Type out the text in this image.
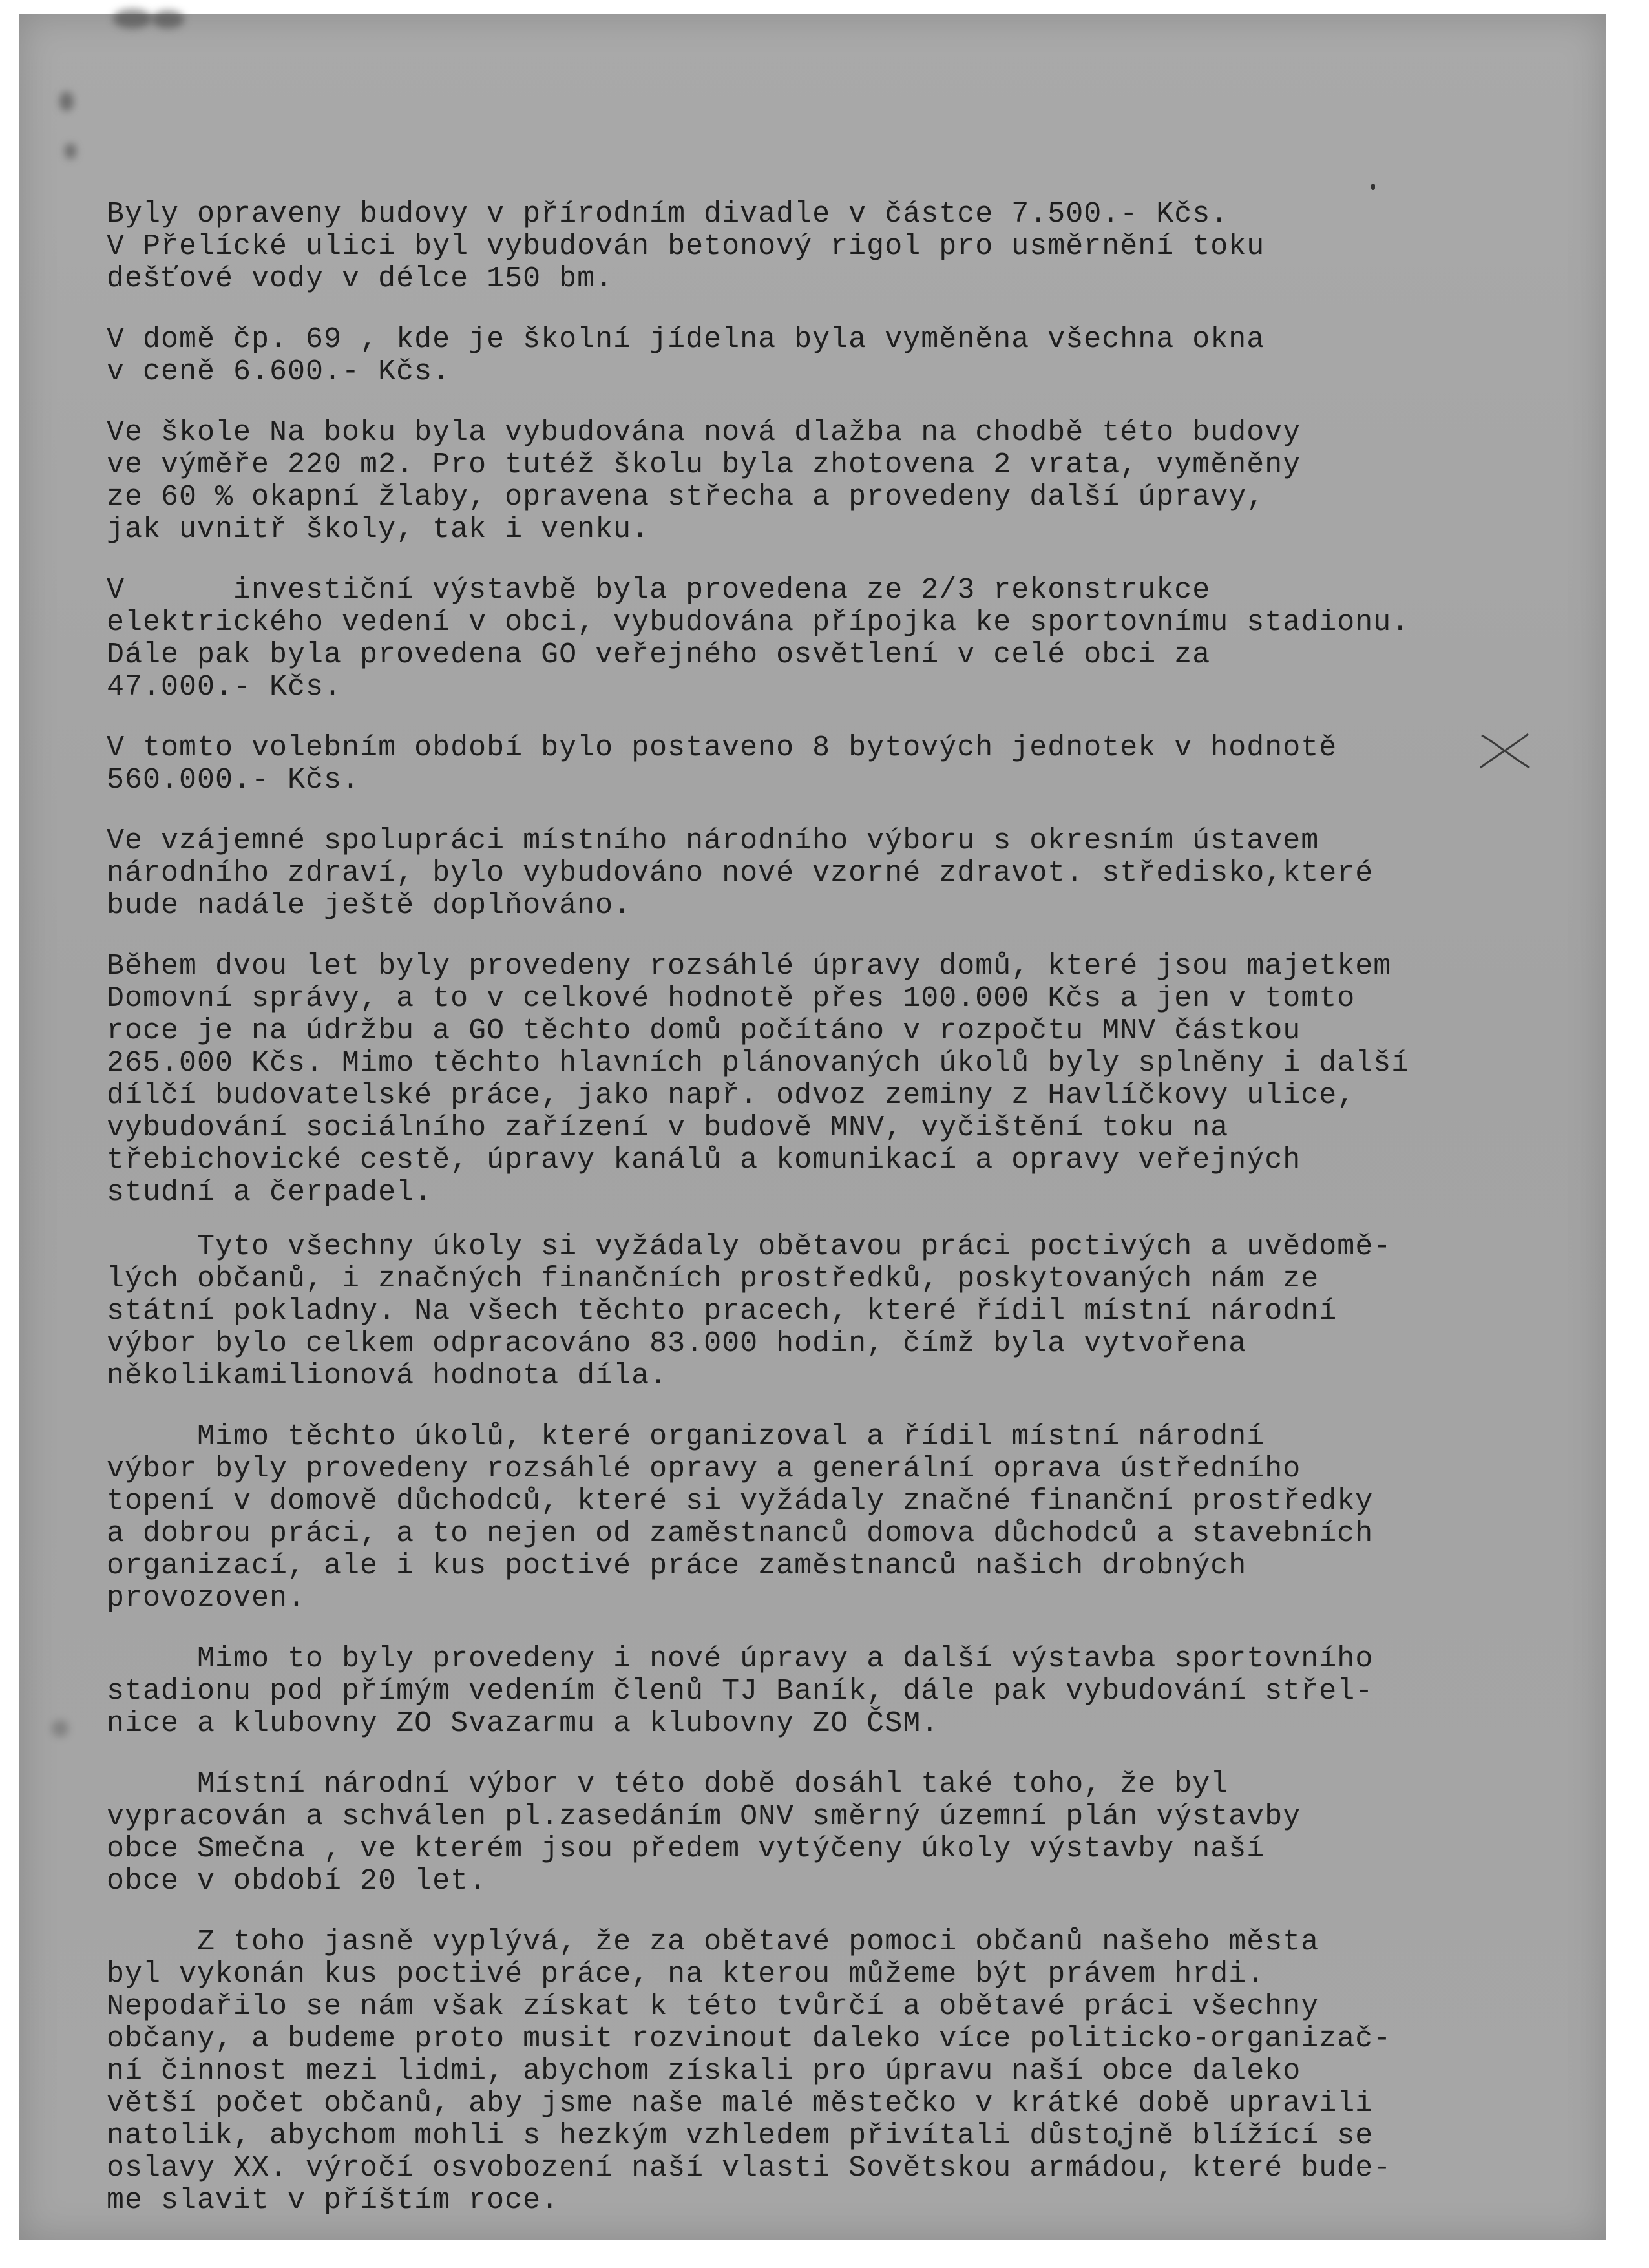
Byly opraveny budovy v přírodním divadle v částce 7.500.- Kčs.
V Přelícké ulici byl vybudován betonový rigol pro usměrnění toku
dešťové vody v délce 150 bm.
V domě čp. 69 , kde je školní jídelna byla vyměněna všechna okna
v ceně 6.600.- Kčs.
Ve škole Na boku byla vybudována nová dlažba na chodbě této budovy
ve výměře 220 m2. Pro tutéž školu byla zhotovena 2 vrata, vyměněny
ze 60 % okapní žlaby, opravena střecha a provedeny další úpravy,
jak uvnitř školy, tak i venku.
V      investiční výstavbě byla provedena ze 2/3 rekonstrukce
elektrického vedení v obci, vybudována přípojka ke sportovnímu stadionu.
Dále pak byla provedena GO veřejného osvětlení v celé obci za
47.000.- Kčs.
V tomto volebním období bylo postaveno 8 bytových jednotek v hodnotě
560.000.- Kčs.
Ve vzájemné spolupráci místního národního výboru s okresním ústavem
národního zdraví, bylo vybudováno nové vzorné zdravot. středisko,které
bude nadále ještě doplňováno.
Během dvou let byly provedeny rozsáhlé úpravy domů, které jsou majetkem
Domovní správy, a to v celkové hodnotě přes 100.000 Kčs a jen v tomto
roce je na údržbu a GO těchto domů počítáno v rozpočtu MNV částkou
265.000 Kčs. Mimo těchto hlavních plánovaných úkolů byly splněny i další
dílčí budovatelské práce, jako např. odvoz zeminy z Havlíčkovy ulice,
vybudování sociálního zařízení v budově MNV, vyčištění toku na
třebichovické cestě, úpravy kanálů a komunikací a opravy veřejných
studní a čerpadel.
Tyto všechny úkoly si vyžádaly obětavou práci poctivých a uvědomě-
lých občanů, i značných finančních prostředků, poskytovaných nám ze
státní pokladny. Na všech těchto pracech, které řídil místní národní
výbor bylo celkem odpracováno 83.000 hodin, čímž byla vytvořena
několikamilionová hodnota díla.
Mimo těchto úkolů, které organizoval a řídil místní národní
výbor byly provedeny rozsáhlé opravy a generální oprava ústředního
topení v domově důchodců, které si vyžádaly značné finanční prostředky
a dobrou práci, a to nejen od zaměstnanců domova důchodců a stavebních
organizací, ale i kus poctivé práce zaměstnanců našich drobných
provozoven.
Mimo to byly provedeny i nové úpravy a další výstavba sportovního
stadionu pod přímým vedením členů TJ Baník, dále pak vybudování střel-
nice a klubovny ZO Svazarmu a klubovny ZO ČSM.
Místní národní výbor v této době dosáhl také toho, že byl
vypracován a schválen pl.zasedáním ONV směrný územní plán výstavby
obce Smečna , ve kterém jsou předem vytýčeny úkoly výstavby naší
obce v období 20 let.
Z toho jasně vyplývá, že za obětavé pomoci občanů našeho města
byl vykonán kus poctivé práce, na kterou můžeme být právem hrdi.
Nepodařilo se nám však získat k této tvůrčí a obětavé práci všechny
občany, a budeme proto musit rozvinout daleko více politicko-organizač-
ní činnost mezi lidmi, abychom získali pro úpravu naší obce daleko
větší počet občanů, aby jsme naše malé městečko v krátké době upravili
natolik, abychom mohli s hezkým vzhledem přivítali důstojně blížící se
oslavy XX. výročí osvobození naší vlasti Sovětskou armádou, které bude-
me slavit v příštím roce.
